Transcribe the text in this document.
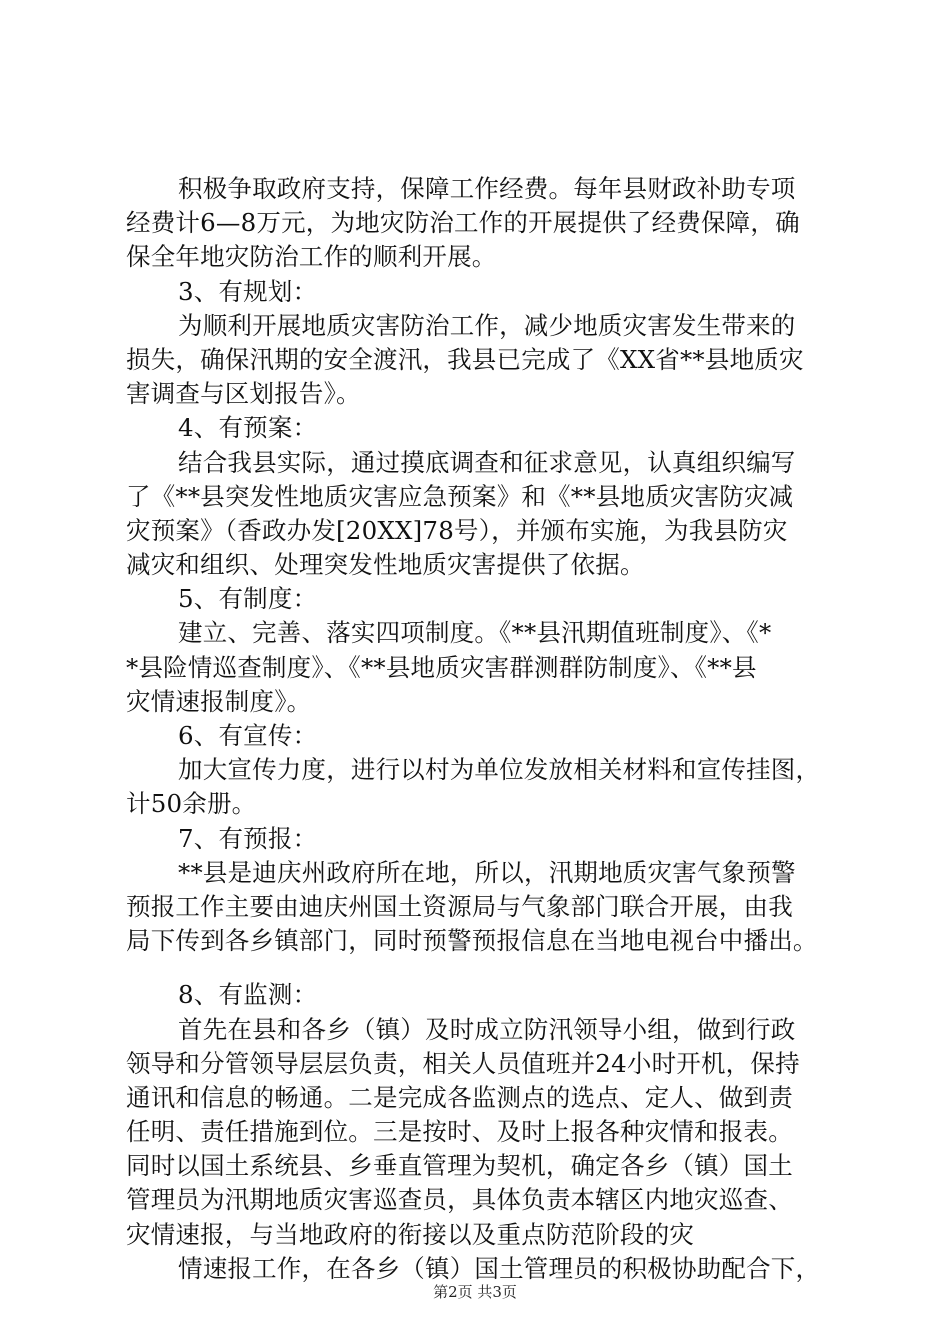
积极争取政府支持，保障工作经费。每年县财政补助专项
经费计6—8万元，为地灾防治工作的开展提供了经费保障，确
保全年地灾防治工作的顺利开展。
3、有规划：
为顺利开展地质灾害防治工作，减少地质灾害发生带来的
损失，确保汛期的安全渡汛，我县已完成了《XX省**县地质灾
害调查与区划报告》。
4、有预案：
结合我县实际，通过摸底调查和征求意见，认真组织编写
了《**县突发性地质灾害应急预案》和《**县地质灾害防灾减
灾预案》（香政办发[20XX]78号），并颁布实施，为我县防灾
减灾和组织、处理突发性地质灾害提供了依据。
5、有制度：
建立、完善、落实四项制度。《**县汛期值班制度》、《*
*县险情巡查制度》、《**县地质灾害群测群防制度》、《**县
灾情速报制度》。
6、有宣传：
加大宣传力度，进行以村为单位发放相关材料和宣传挂图，
计50余册。
7、有预报：
**县是迪庆州政府所在地，所以，汛期地质灾害气象预警
预报工作主要由迪庆州国土资源局与气象部门联合开展，由我
局下传到各乡镇部门，同时预警预报信息在当地电视台中播出。
8、有监测：
首先在县和各乡（镇）及时成立防汛领导小组，做到行政
领导和分管领导层层负责，相关人员值班并24小时开机，保持
通讯和信息的畅通。二是完成各监测点的选点、定人、做到责
任明、责任措施到位。三是按时、及时上报各种灾情和报表。
同时以国土系统县、乡垂直管理为契机，确定各乡（镇）国土
管理员为汛期地质灾害巡查员，具体负责本辖区内地灾巡查、
灾情速报，与当地政府的衔接以及重点防范阶段的灾
情速报工作，在各乡（镇）国土管理员的积极协助配合下，
第2页 共3页
